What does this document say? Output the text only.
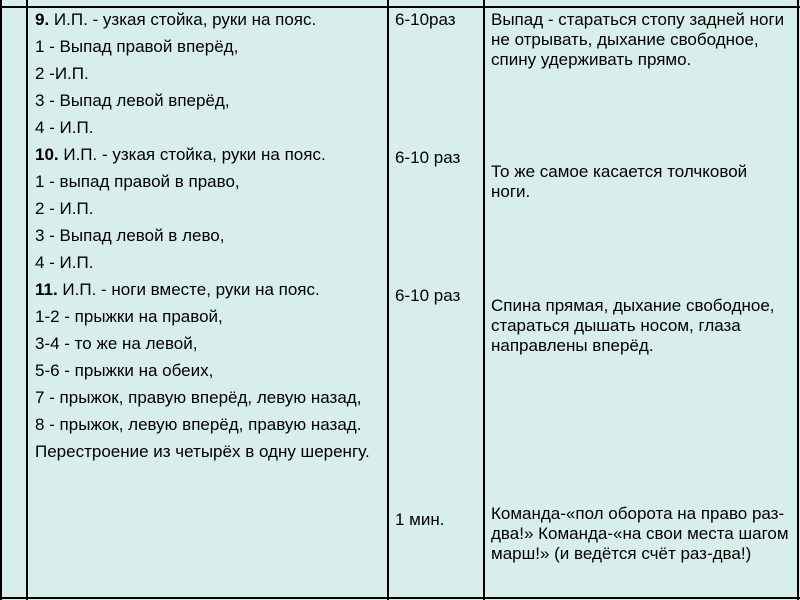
9. И.П. - узкая стойка, руки на пояс.

1 - Выпад правой вперёд,

2 -И.П.

3 - Выпад левой вперёд,

4 - И.П.

10. И.П. - узкая стойка, руки на пояс.

1 - выпад правой в право,

2 - И.П.

3 - Выпад левой в лево,

4 - И.П.

11. И.П. - ноги вместе, руки на пояс.

1-2 - прыжки на правой,

3-4 - то же на левой,

5-6 - прыжки на обеих,

7 - прыжок, правую вперёд, левую назад,

8 - прыжок, левую вперёд, правую назад.

Перестроение из четырёх в одну шеренгу.

6-10раз
6-10 раз
6-10 раз
1 мин.
Выпад - стараться стопу задней ноги не отрывать, дыхание свободное, спину удерживать прямо.
То же самое касается толчковой ноги.
Спина прямая, дыхание свободное, стараться дышать носом, глаза направлены вперёд.
Команда-«пол оборота на право раз-два!» Команда-«на свои места шагом марш!» (и ведётся счёт раз-два!)
